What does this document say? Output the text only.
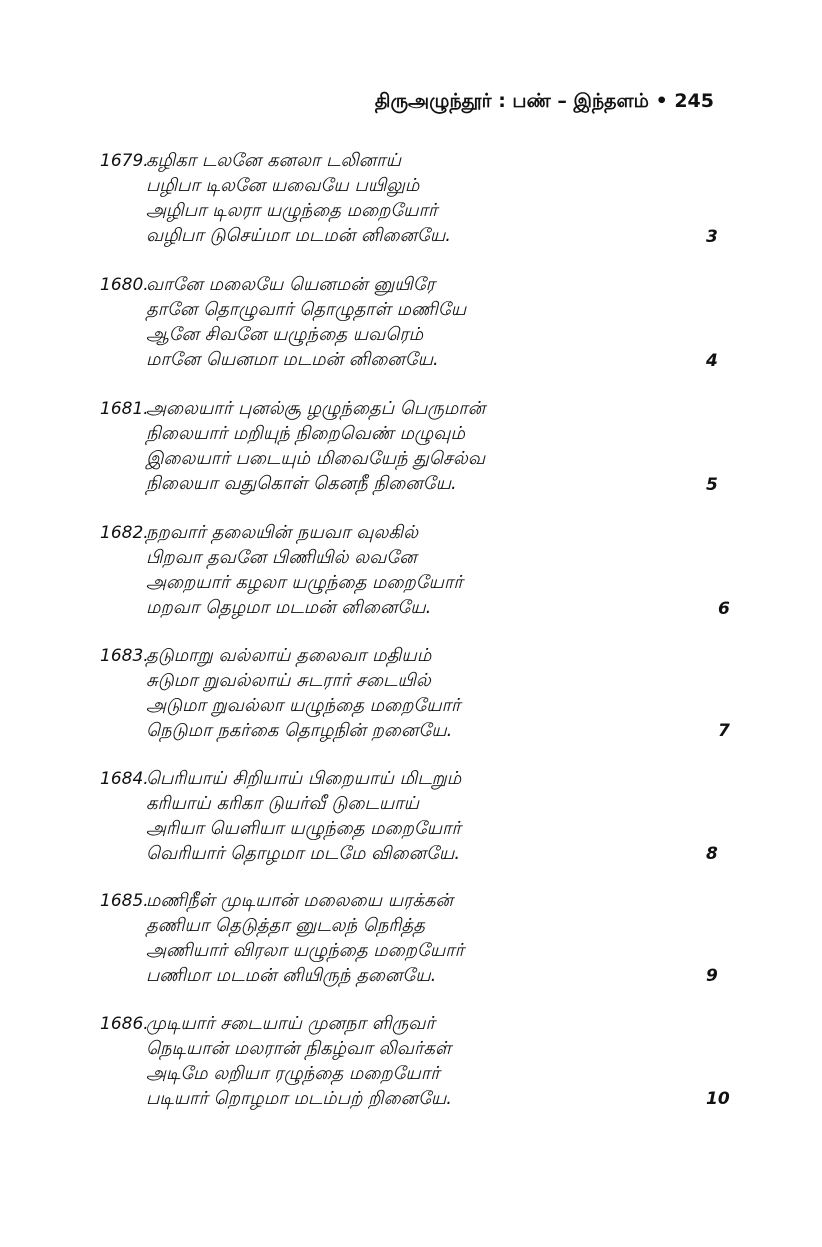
திருஅழுந்தூர் : பண் – இந்தளம் • 245
1679.
கழிகா டலனே கனலா டலினாய்
பழிபா டிலனே யவையே பயிலும்
அழிபா டிலரா யழுந்தை மறையோர்
வழிபா டுசெய்மா மடமன் னினையே.	3
1680.
வானே மலையே யெனமன் னுயிரே
தானே தொழுவார் தொழுதாள் மணியே
ஆனே சிவனே யழுந்தை யவரெம்
மானே யெனமா மடமன் னினையே.	4
1681.
அலையார் புனல்சூ ழழுந்தைப் பெருமான்
நிலையார் மறியுந் நிறைவெண் மழுவும்
இலையார் படையும் மிவையேந் துசெல்வ
நிலையா வதுகொள் கெனநீ நினையே.	5
1682.
நறவார் தலையின் நயவா வுலகில்
பிறவா தவனே பிணியில் லவனே
அறையார் கழலா யழுந்தை மறையோர்
மறவா தெழமா மடமன் னினையே.	6
1683.
தடுமாறு வல்லாய் தலைவா மதியம்
சுடுமா றுவல்லாய் சுடரார் சடையில்
அடுமா றுவல்லா யழுந்தை மறையோர்
நெடுமா நகர்கை தொழநின் றனையே.	7
1684.
பெரியாய் சிறியாய் பிறையாய் மிடறும்
கரியாய் கரிகா டுயர்வீ டுடையாய்
அரியா யெளியா யழுந்தை மறையோர்
வெரியார் தொழமா மடமே வினையே.	8
1685.
மணிநீள் முடியான் மலையை யரக்கன்
தணியா தெடுத்தா னுடலந் நெரித்த
அணியார் விரலா யழுந்தை மறையோர்
பணிமா மடமன் னியிருந் தனையே.	9
1686.
முடியார் சடையாய் முனநா ளிருவர்
நெடியான் மலரான் நிகழ்வா லிவர்கள்
அடிமே லறியா ரழுந்தை மறையோர்
படியார் றொழமா மடம்பற் றினையே.	10
